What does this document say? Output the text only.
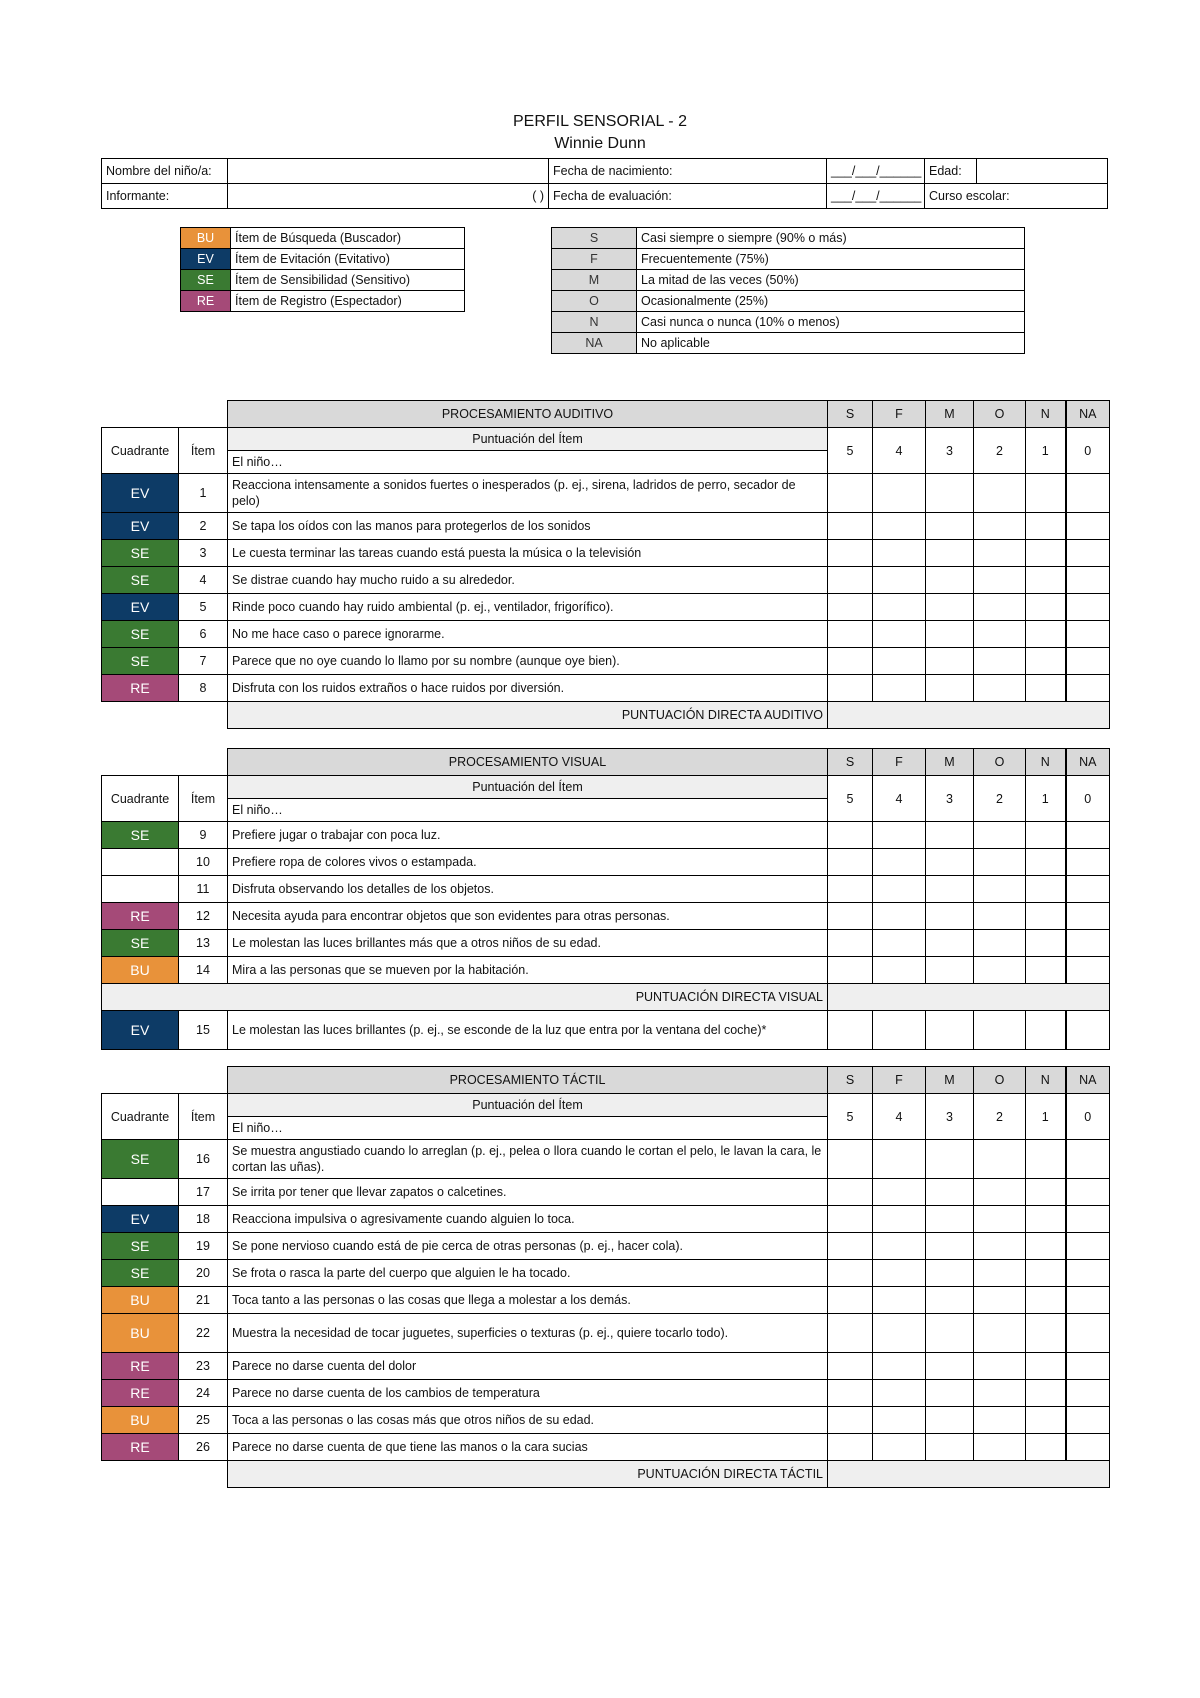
PERFIL SENSORIAL - 2
Winnie Dunn
Nombre del niño/a:		Fecha de nacimiento:	___/___/______	Edad:	
Informante:	( )	Fecha de evaluación:	___/___/______	Curso escolar:	
BU	Ítem de Búsqueda (Buscador)
EV	Ítem de Evitación (Evitativo)
SE	Ítem de Sensibilidad (Sensitivo)
RE	Ítem de Registro (Espectador)
S	Casi siempre o siempre (90% o más)
F	Frecuentemente (75%)
M	La mitad de las veces (50%)
O	Ocasionalmente (25%)
N	Casi nunca o nunca (10% o menos)
NA	No aplicable
		PROCESAMIENTO AUDITIVO	S	F	M	O	N	NA
Cuadrante	Ítem	Puntuación del Ítem	5	4	3	2	1	0
		El niño…						
EV	1	Reacciona intensamente a sonidos fuertes o inesperados (p. ej., sirena, ladridos de perro, secador de pelo)						
EV	2	Se tapa los oídos con las manos para protegerlos de los sonidos						
SE	3	Le cuesta terminar las tareas cuando está puesta la música o la televisión						
SE	4	Se distrae cuando hay mucho ruido a su alrededor.						
EV	5	Rinde poco cuando hay ruido ambiental (p. ej., ventilador, frigorífico).						
SE	6	No me hace caso o parece ignorarme.						
SE	7	Parece que no oye cuando lo llamo por su nombre (aunque oye bien).						
RE	8	Disfruta con los ruidos extraños o hace ruidos por diversión.						
		PUNTUACIÓN DIRECTA AUDITIVO						
		PROCESAMIENTO VISUAL	S	F	M	O	N	NA
Cuadrante	Ítem	Puntuación del Ítem	5	4	3	2	1	0
		El niño…						
SE	9	Prefiere jugar o trabajar con poca luz.						
	10	Prefiere ropa de colores vivos o estampada.						
	11	Disfruta observando los detalles de los objetos.						
RE	12	Necesita ayuda para encontrar objetos que son evidentes para otras personas.						
SE	13	Le molestan las luces brillantes más que a otros niños de su edad.						
BU	14	Mira a las personas que se mueven por la habitación.						
PUNTUACIÓN DIRECTA VISUAL								
EV	15	Le molestan las luces brillantes (p. ej., se esconde de la luz que entra por la ventana del coche)*						
		PROCESAMIENTO TÁCTIL	S	F	M	O	N	NA
Cuadrante	Ítem	Puntuación del Ítem	5	4	3	2	1	0
		El niño…						
SE	16	Se muestra angustiado cuando lo arreglan (p. ej., pelea o llora cuando le cortan el pelo, le lavan la cara, le cortan las uñas).						
	17	Se irrita por tener que llevar zapatos o calcetines.						
EV	18	Reacciona impulsiva o agresivamente cuando alguien lo toca.						
SE	19	Se pone nervioso cuando está de pie cerca de otras personas (p. ej., hacer cola).						
SE	20	Se frota o rasca la parte del cuerpo que alguien le ha tocado.						
BU	21	Toca tanto a las personas o las cosas que llega a molestar a los demás.						
BU	22	Muestra la necesidad de tocar juguetes, superficies o texturas (p. ej., quiere tocarlo todo).						
RE	23	Parece no darse cuenta del dolor						
RE	24	Parece no darse cuenta de los cambios de temperatura						
BU	25	Toca a las personas o las cosas más que otros niños de su edad.						
RE	26	Parece no darse cuenta de que tiene las manos o la cara sucias						
		PUNTUACIÓN DIRECTA TÁCTIL						
